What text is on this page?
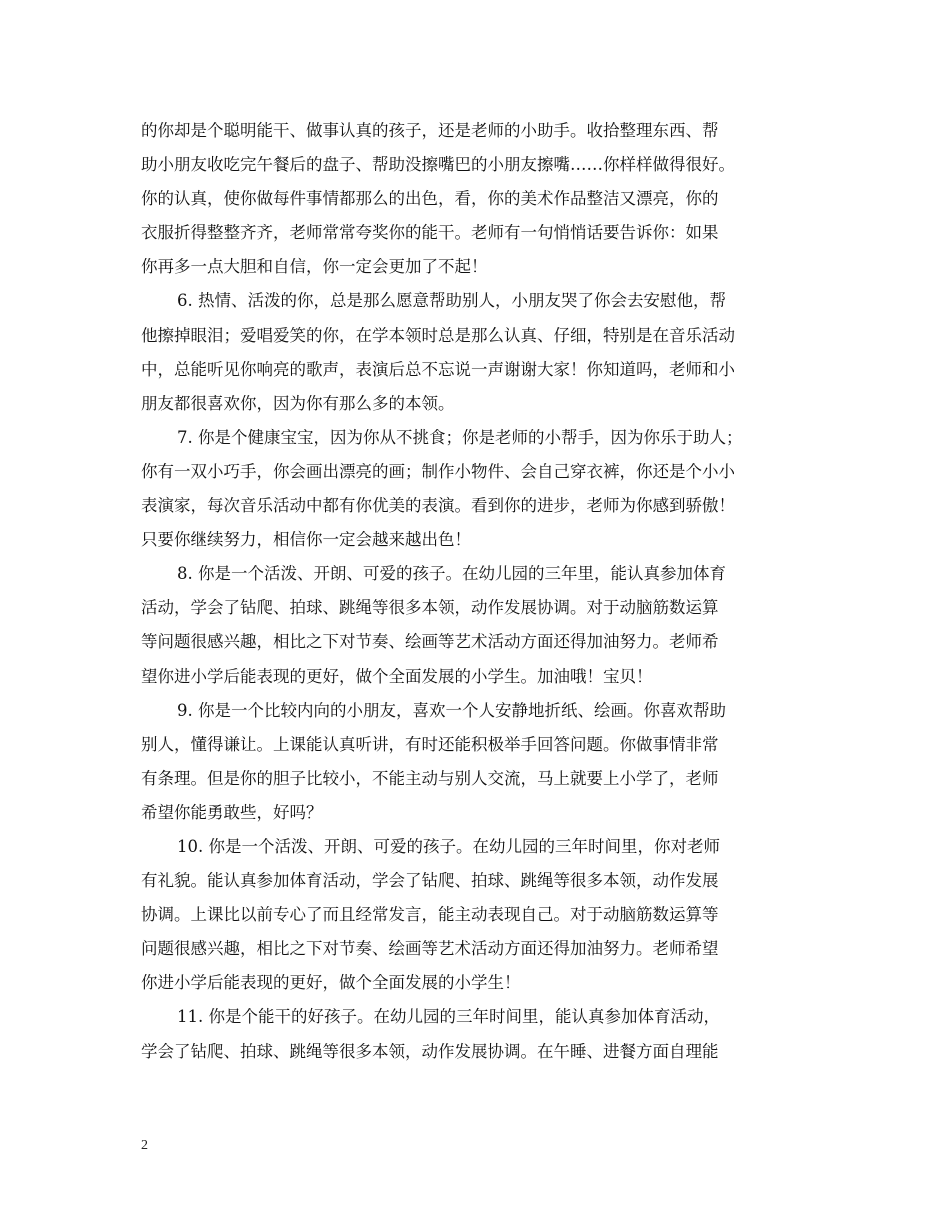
的你却是个聪明能干、做事认真的孩子，还是老师的小助手。收拾整理东西、帮
助小朋友收吃完午餐后的盘子、帮助没擦嘴巴的小朋友擦嘴……你样样做得很好。
你的认真，使你做每件事情都那么的出色，看，你的美术作品整洁又漂亮，你的
衣服折得整整齐齐，老师常常夸奖你的能干。老师有一句悄悄话要告诉你：如果
你再多一点大胆和自信，你一定会更加了不起！
6. 热情、活泼的你，总是那么愿意帮助别人，小朋友哭了你会去安慰他，帮
他擦掉眼泪；爱唱爱笑的你，在学本领时总是那么认真、仔细，特别是在音乐活动
中，总能听见你响亮的歌声，表演后总不忘说一声谢谢大家！你知道吗，老师和小
朋友都很喜欢你，因为你有那么多的本领。
7. 你是个健康宝宝，因为你从不挑食；你是老师的小帮手，因为你乐于助人；
你有一双小巧手，你会画出漂亮的画；制作小物件、会自己穿衣裤，你还是个小小
表演家，每次音乐活动中都有你优美的表演。看到你的进步，老师为你感到骄傲！
只要你继续努力，相信你一定会越来越出色！
8. 你是一个活泼、开朗、可爱的孩子。在幼儿园的三年里，能认真参加体育
活动，学会了钻爬、拍球、跳绳等很多本领，动作发展协调。对于动脑筋数运算
等问题很感兴趣，相比之下对节奏、绘画等艺术活动方面还得加油努力。老师希
望你进小学后能表现的更好，做个全面发展的小学生。加油哦！宝贝！
9. 你是一个比较内向的小朋友，喜欢一个人安静地折纸、绘画。你喜欢帮助
别人，懂得谦让。上课能认真听讲，有时还能积极举手回答问题。你做事情非常
有条理。但是你的胆子比较小，不能主动与别人交流，马上就要上小学了，老师
希望你能勇敢些，好吗？
10. 你是一个活泼、开朗、可爱的孩子。在幼儿园的三年时间里，你对老师
有礼貌。能认真参加体育活动，学会了钻爬、拍球、跳绳等很多本领，动作发展
协调。上课比以前专心了而且经常发言，能主动表现自己。对于动脑筋数运算等
问题很感兴趣，相比之下对节奏、绘画等艺术活动方面还得加油努力。老师希望
你进小学后能表现的更好，做个全面发展的小学生！
11. 你是个能干的好孩子。在幼儿园的三年时间里，能认真参加体育活动，
学会了钻爬、拍球、跳绳等很多本领，动作发展协调。在午睡、进餐方面自理能
2
